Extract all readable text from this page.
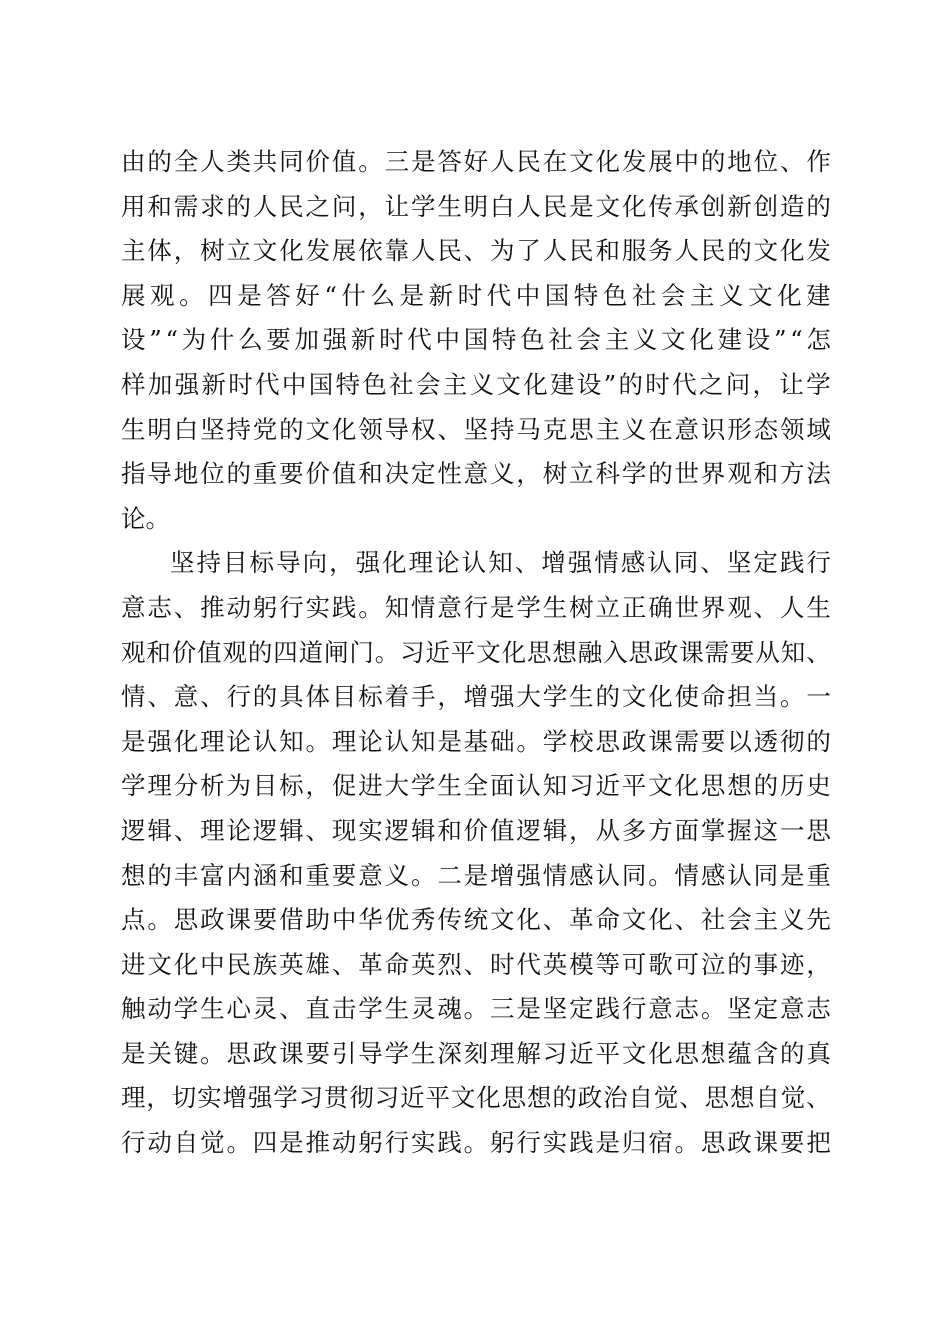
由 的 全 人 类 共 同 价 值 。 三 是 答 好 人 民 在 文 化 发 展 中 的 地 位 、 作
用 和 需 求 的 人 民 之 问 ， 让 学 生 明 白 人 民 是 文 化 传 承 创 新 创 造 的
主 体 ， 树 立 文 化 发 展 依 靠 人 民 、 为 了 人 民 和 服 务 人 民 的 文 化 发
展 观 。 四 是 答 好 “ 什 么 是 新 时 代 中 国 特 色 社 会 主 义 文 化 建
设 ” “ 为 什 么 要 加 强 新 时 代 中 国 特 色 社 会 主 义 文 化 建 设 ” “ 怎
样 加 强 新 时 代 中 国 特 色 社 会 主 义 文 化 建 设 ” 的 时 代 之 问 ， 让 学
生 明 白 坚 持 党 的 文 化 领 导 权 、 坚 持 马 克 思 主 义 在 意 识 形 态 领 域
指 导 地 位 的 重 要 价 值 和 决 定 性 意 义 ， 树 立 科 学 的 世 界 观 和 方 法
论。
坚 持 目 标 导 向 ， 强 化 理 论 认 知 、 增 强 情 感 认 同 、 坚 定 践 行
意 志 、 推 动 躬 行 实 践 。 知 情 意 行 是 学 生 树 立 正 确 世 界 观 、 人 生
观 和 价 值 观 的 四 道 闸 门 。 习 近 平 文 化 思 想 融 入 思 政 课 需 要 从 知 、
情 、 意 、 行 的 具 体 目 标 着 手 ， 增 强 大 学 生 的 文 化 使 命 担 当 。 一
是 强 化 理 论 认 知 。 理 论 认 知 是 基 础 。 学 校 思 政 课 需 要 以 透 彻 的
学 理 分 析 为 目 标 ， 促 进 大 学 生 全 面 认 知 习 近 平 文 化 思 想 的 历 史
逻 辑 、 理 论 逻 辑 、 现 实 逻 辑 和 价 值 逻 辑 ， 从 多 方 面 掌 握 这 一 思
想 的 丰 富 内 涵 和 重 要 意 义 。 二 是 增 强 情 感 认 同 。 情 感 认 同 是 重
点 。 思 政 课 要 借 助 中 华 优 秀 传 统 文 化 、 革 命 文 化 、 社 会 主 义 先
进 文 化 中 民 族 英 雄 、 革 命 英 烈 、 时 代 英 模 等 可 歌 可 泣 的 事 迹 ，
触 动 学 生 心 灵 、 直 击 学 生 灵 魂 。 三 是 坚 定 践 行 意 志 。 坚 定 意 志
是 关 键 。 思 政 课 要 引 导 学 生 深 刻 理 解 习 近 平 文 化 思 想 蕴 含 的 真
理 ， 切 实 增 强 学 习 贯 彻 习 近 平 文 化 思 想 的 政 治 自 觉 、 思 想 自 觉 、
行 动 自 觉 。 四 是 推 动 躬 行 实 践 。 躬 行 实 践 是 归 宿 。 思 政 课 要 把
